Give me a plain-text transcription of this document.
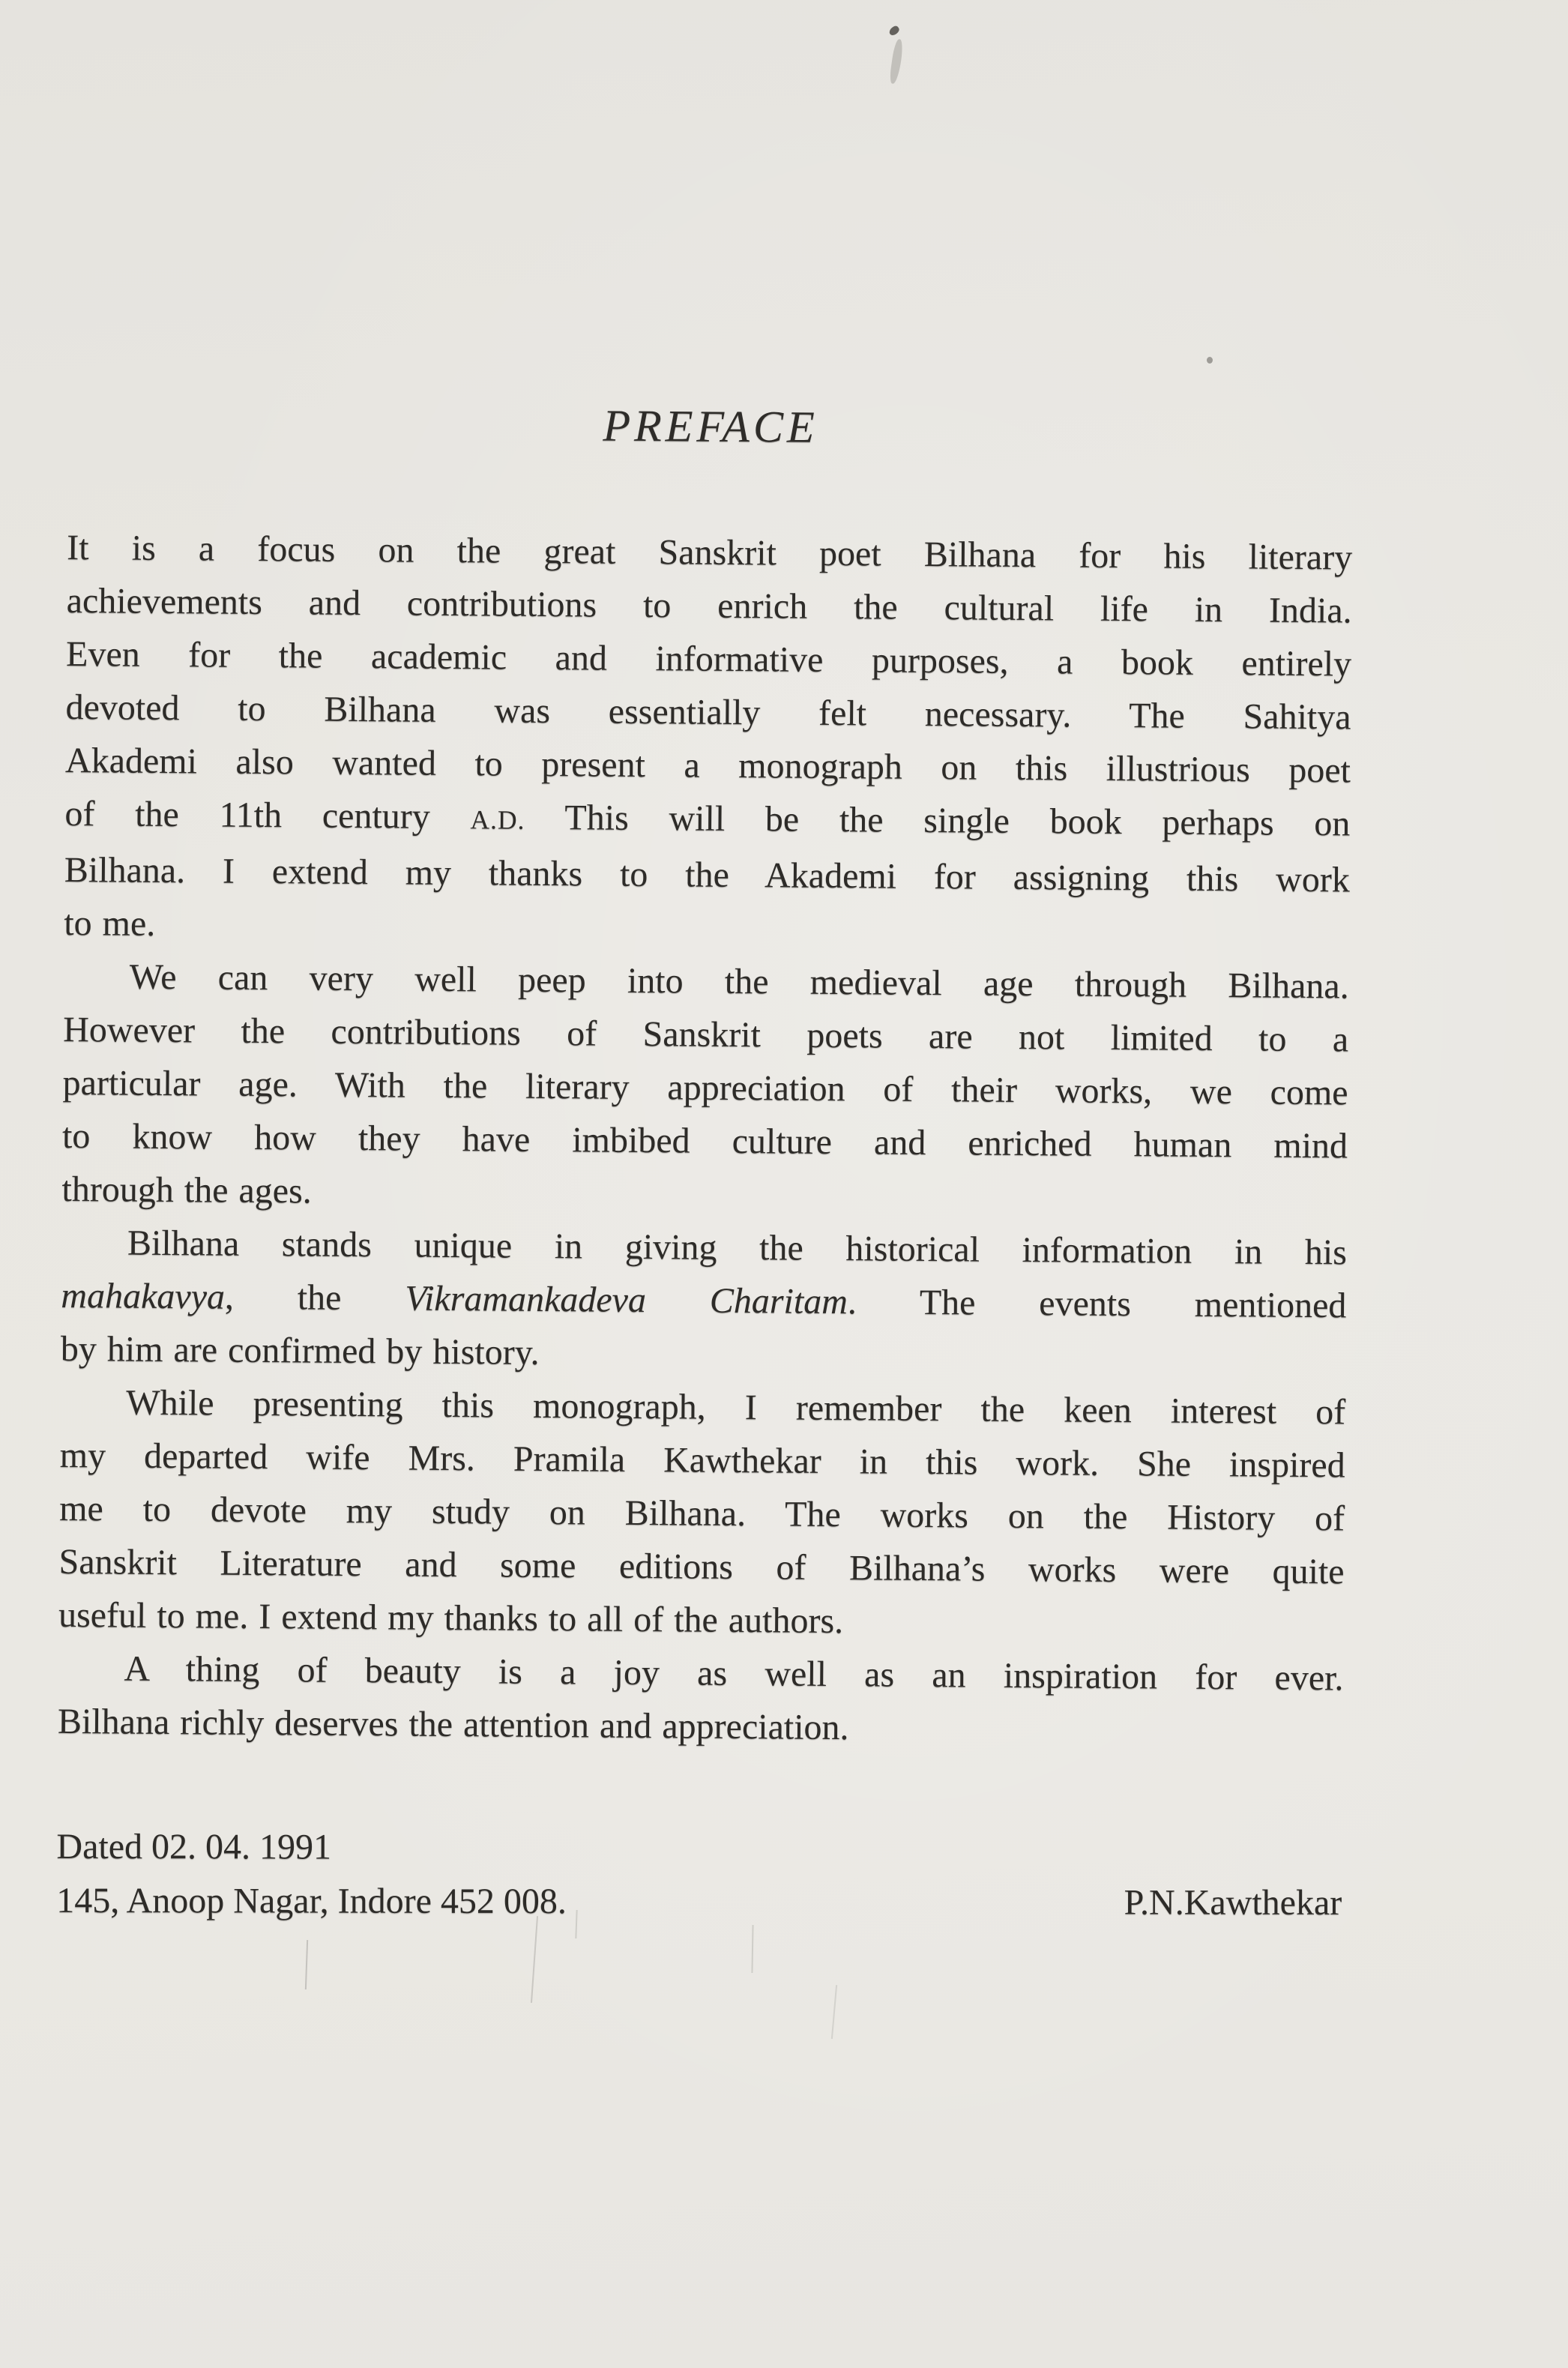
PREFACE
It is a focus on the great Sanskrit poet Bilhana for his literary
achievements and contributions to enrich the cultural life in India.
Even for the academic and informative purposes, a book entirely
devoted to Bilhana was essentially felt necessary. The Sahitya
Akademi also wanted to present a monograph on this illustrious poet
of the 11th century A.D. This will be the single book perhaps on
Bilhana. I extend my thanks to the Akademi for assigning this work
to me.
We can very well peep into the medieval age through Bilhana.
However the contributions of Sanskrit poets are not limited to a
particular age. With the literary appreciation of their works, we come
to know how they have imbibed culture and enriched human mind
through the ages.
Bilhana stands unique in giving the historical information in his
mahakavya, the Vikramankadeva Charitam. The events mentioned
by him are confirmed by history.
While presenting this monograph, I remember the keen interest of
my departed wife Mrs. Pramila Kawthekar in this work. She inspired
me to devote my study on Bilhana. The works on the History of
Sanskrit Literature and some editions of Bilhana’s works were quite
useful to me. I extend my thanks to all of the authors.
A thing of beauty is a joy as well as an inspiration for ever.
Bilhana richly deserves the attention and appreciation.
Dated 02. 04. 1991
145, Anoop Nagar, Indore 452 008.	P.N.Kawthekar
